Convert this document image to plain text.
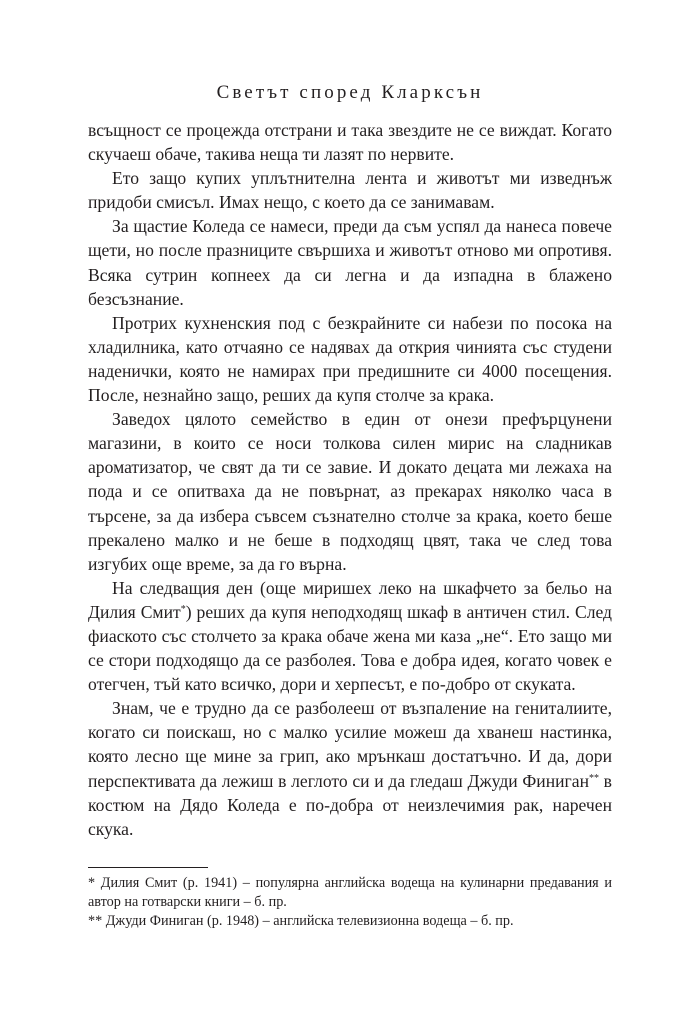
Светът според Кларксън

всъщност се процежда отстрани и така звездите не се виждат. Когато скучаеш обаче, такива неща ти лазят по нервите.

Ето защо купих уплътнителна лента и животът ми изведнъж придоби смисъл. Имах нещо, с което да се занимавам.

За щастие Коледа се намеси, преди да съм успял да нанеса повече щети, но после празниците свършиха и животът отново ми опротивя. Всяка сутрин копнеех да си легна и да изпадна в блажено безсъзнание.

Протрих кухненския под с безкрайните си набези по посока на хладилника, като отчаяно се надявах да открия чинията със студени наденички, която не намирах при предишните си 4000 посещения. После, незнайно защо, реших да купя столче за крака.

Заведох цялото семейство в един от онези префърцунени магазини, в които се носи толкова силен мирис на сладникав ароматизатор, че свят да ти се завие. И докато децата ми лежаха на пода и се опитваха да не повърнат, аз прекарах няколко часа в търсене, за да избера съвсем съзнателно столче за крака, което беше прекалено малко и не беше в подходящ цвят, така че след това изгубих още време, за да го върна.

На следващия ден (още миришех леко на шкафчето за бельо на Дилия Смит*) реших да купя неподходящ шкаф в античен стил. След фиаското със столчето за крака обаче жена ми каза „не“. Ето защо ми се стори подходящо да се разболея. Това е добра идея, когато човек е отегчен, тъй като всичко, дори и херпесът, е по-добро от скуката.

Знам, че е трудно да се разболееш от възпаление на гениталиите, когато си поискаш, но с малко усилие можеш да хванеш настинка, която лесно ще мине за грип, ако мрънкаш достатъчно. И да, дори перспективата да лежиш в леглото си и да гледаш Джуди Финиган** в костюм на Дядо Коледа е по-добра от неизлечимия рак, наречен скука.

* Дилия Смит (р. 1941) – популярна английска водеща на кулинарни предавания и автор на готварски книги – б. пр.

** Джуди Финиган (р. 1948) – английска телевизионна водеща – б. пр.
